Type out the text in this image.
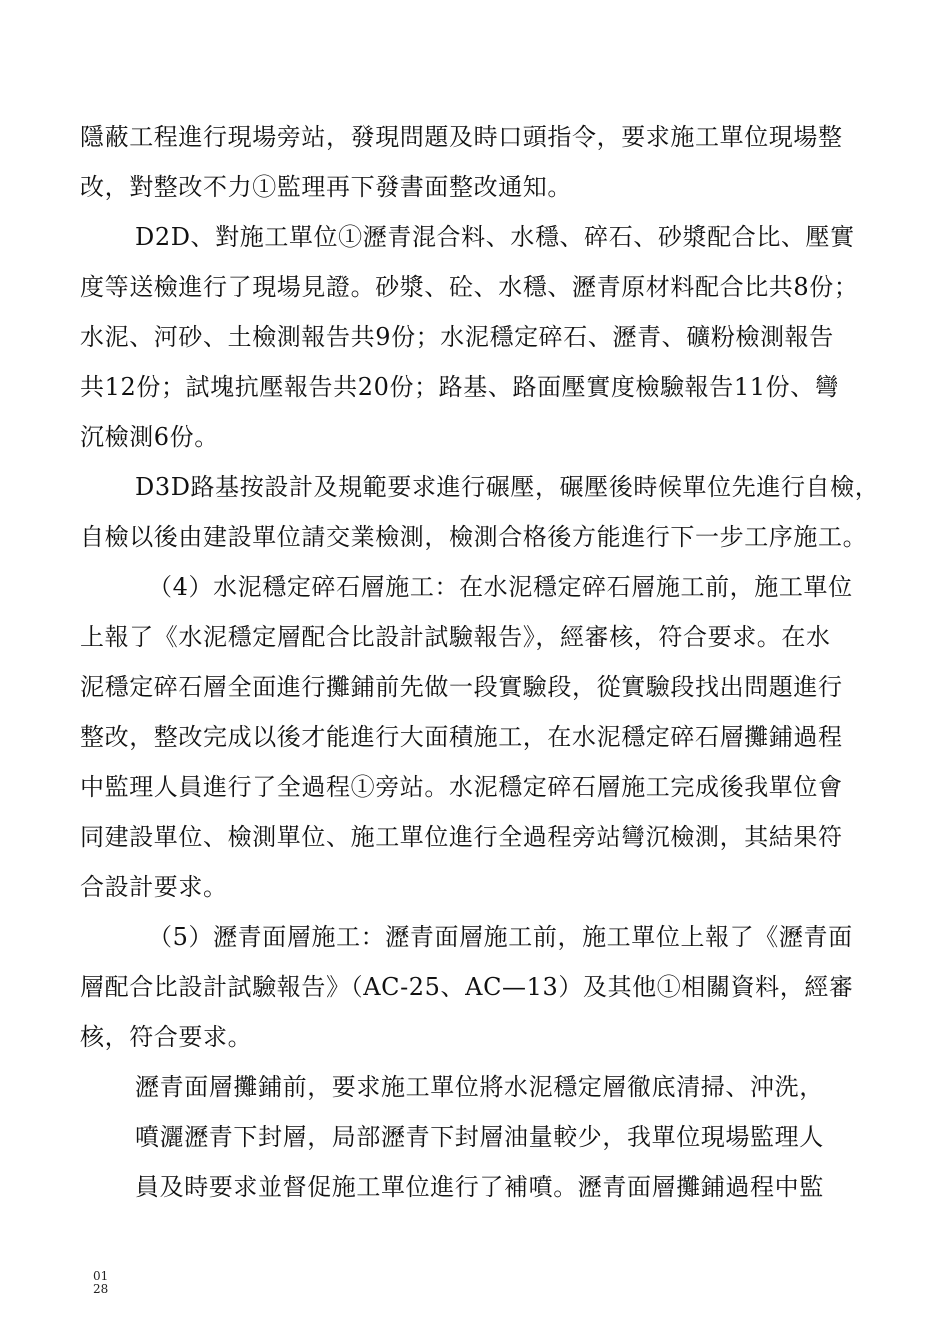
隱蔽工程進行現場旁站，發現問題及時口頭指令，要求施工單位現場整
改，對整改不力①監理再下發書面整改通知。
D2D、對施工單位①瀝青混合料、水穩、碎石、砂漿配合比、壓實
度等送檢進行了現場見證。砂漿、砼、水穩、瀝青原材料配合比共8份；
水泥、河砂、土檢測報告共9份；水泥穩定碎石、瀝青、礦粉檢測報告
共12份；試塊抗壓報告共20份；路基、路面壓實度檢驗報告11份、彎
沉檢測6份。
D3D路基按設計及規範要求進行碾壓，碾壓後時候單位先進行自檢，
自檢以後由建設單位請交業檢測，檢測合格後方能進行下一步工序施工。
（4）水泥穩定碎石層施工：在水泥穩定碎石層施工前，施工單位
上報了《水泥穩定層配合比設計試驗報告》，經審核，符合要求。在水
泥穩定碎石層全面進行攤鋪前先做一段實驗段，從實驗段找出問題進行
整改，整改完成以後才能進行大面積施工，在水泥穩定碎石層攤鋪過程
中監理人員進行了全過程①旁站。水泥穩定碎石層施工完成後我單位會
同建設單位、檢測單位、施工單位進行全過程旁站彎沉檢測，其結果符
合設計要求。
（5）瀝青面層施工：瀝青面層施工前，施工單位上報了《瀝青面
層配合比設計試驗報告》（AC-25、AC—13）及其他①相關資料，經審
核，符合要求。
瀝青面層攤鋪前，要求施工單位將水泥穩定層徹底清掃、沖洗，
噴灑瀝青下封層，局部瀝青下封層油量較少，我單位現場監理人
員及時要求並督促施工單位進行了補噴。瀝青面層攤鋪過程中監
01
28
